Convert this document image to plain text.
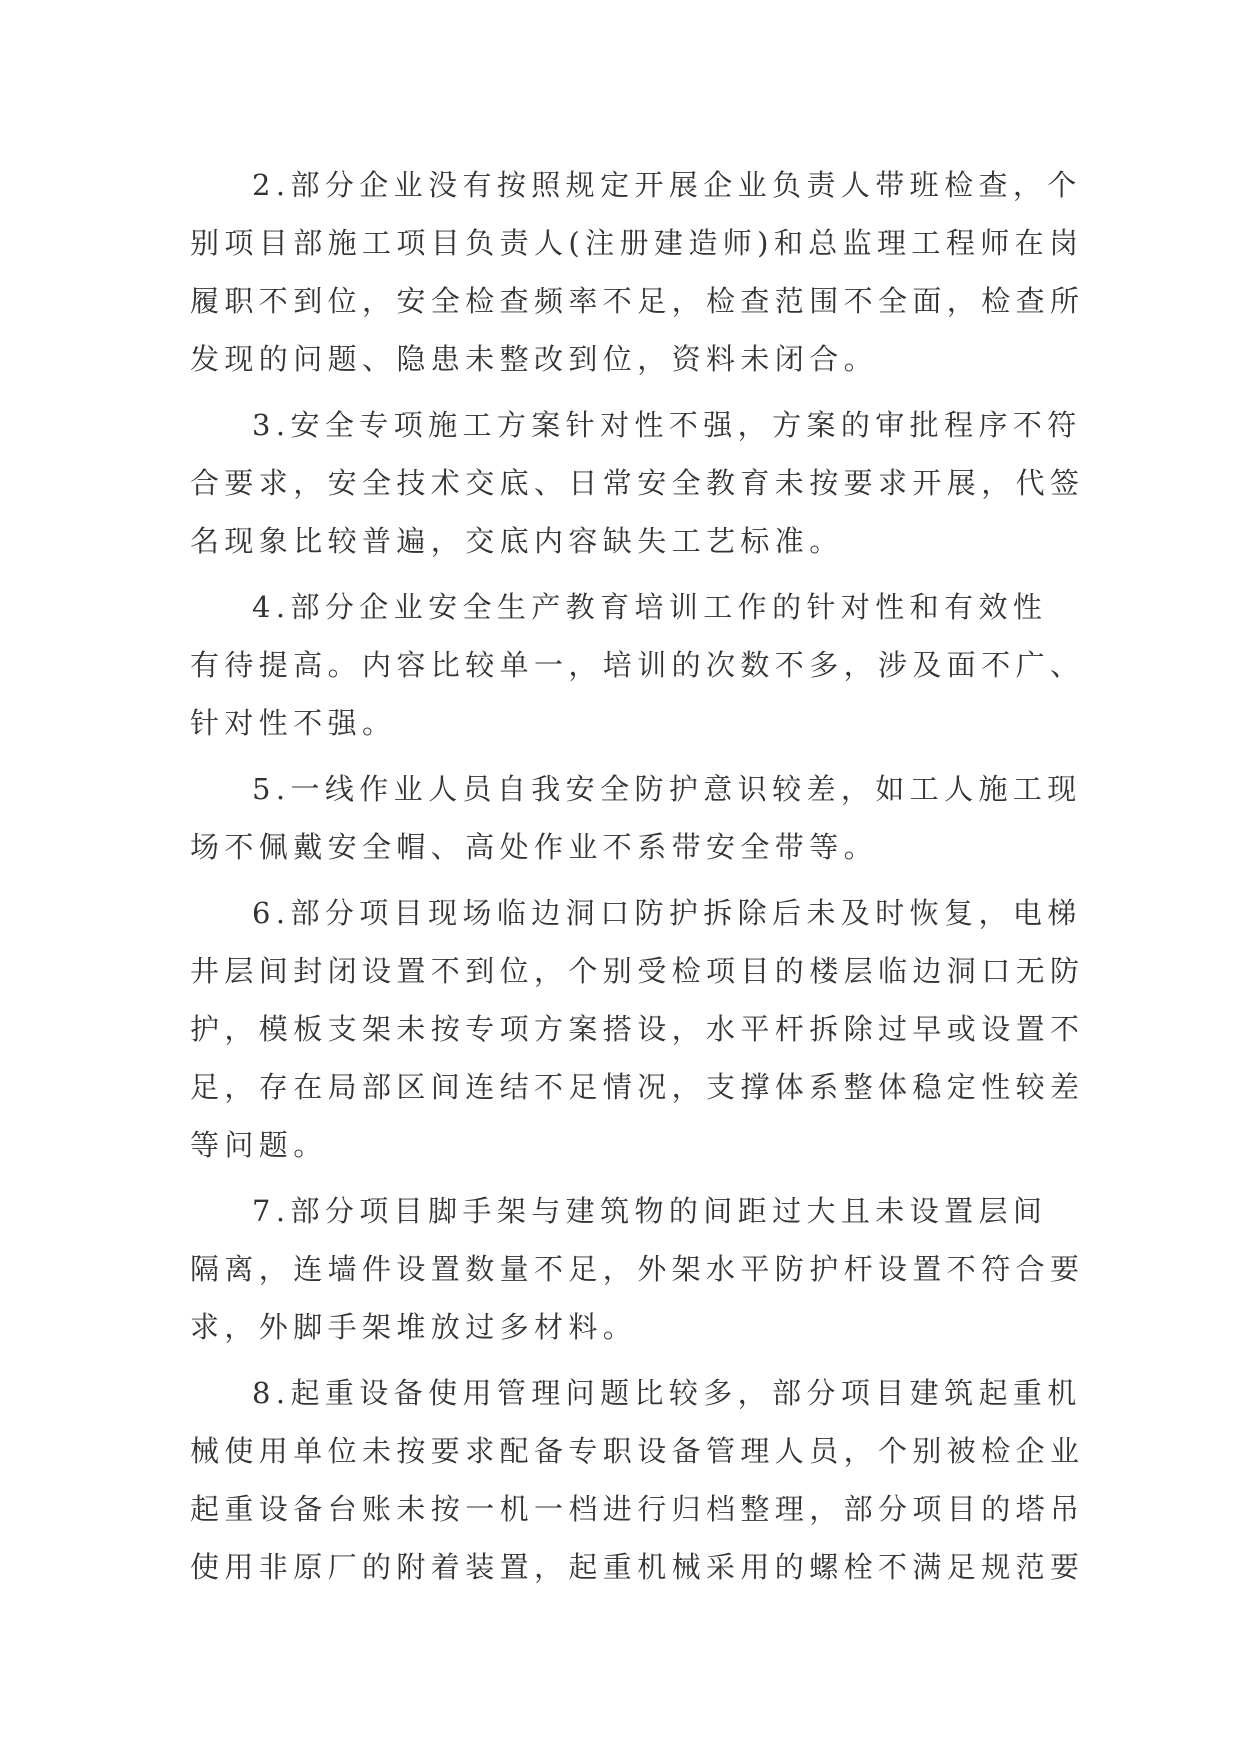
2.部分企业没有按照规定开展企业负责人带班检查，个
别项目部施工项目负责人(注册建造师)和总监理工程师在岗
履职不到位，安全检查频率不足，检查范围不全面，检查所
发现的问题、隐患未整改到位，资料未闭合。
3.安全专项施工方案针对性不强，方案的审批程序不符
合要求，安全技术交底、日常安全教育未按要求开展，代签
名现象比较普遍，交底内容缺失工艺标准。
4.部分企业安全生产教育培训工作的针对性和有效性
有待提高。内容比较单一，培训的次数不多，涉及面不广、
针对性不强。
5.一线作业人员自我安全防护意识较差，如工人施工现
场不佩戴安全帽、高处作业不系带安全带等。
6.部分项目现场临边洞口防护拆除后未及时恢复，电梯
井层间封闭设置不到位，个别受检项目的楼层临边洞口无防
护，模板支架未按专项方案搭设，水平杆拆除过早或设置不
足，存在局部区间连结不足情况，支撑体系整体稳定性较差
等问题。
7.部分项目脚手架与建筑物的间距过大且未设置层间
隔离，连墙件设置数量不足，外架水平防护杆设置不符合要
求，外脚手架堆放过多材料。
8.起重设备使用管理问题比较多，部分项目建筑起重机
械使用单位未按要求配备专职设备管理人员，个别被检企业
起重设备台账未按一机一档进行归档整理，部分项目的塔吊
使用非原厂的附着装置，起重机械采用的螺栓不满足规范要
